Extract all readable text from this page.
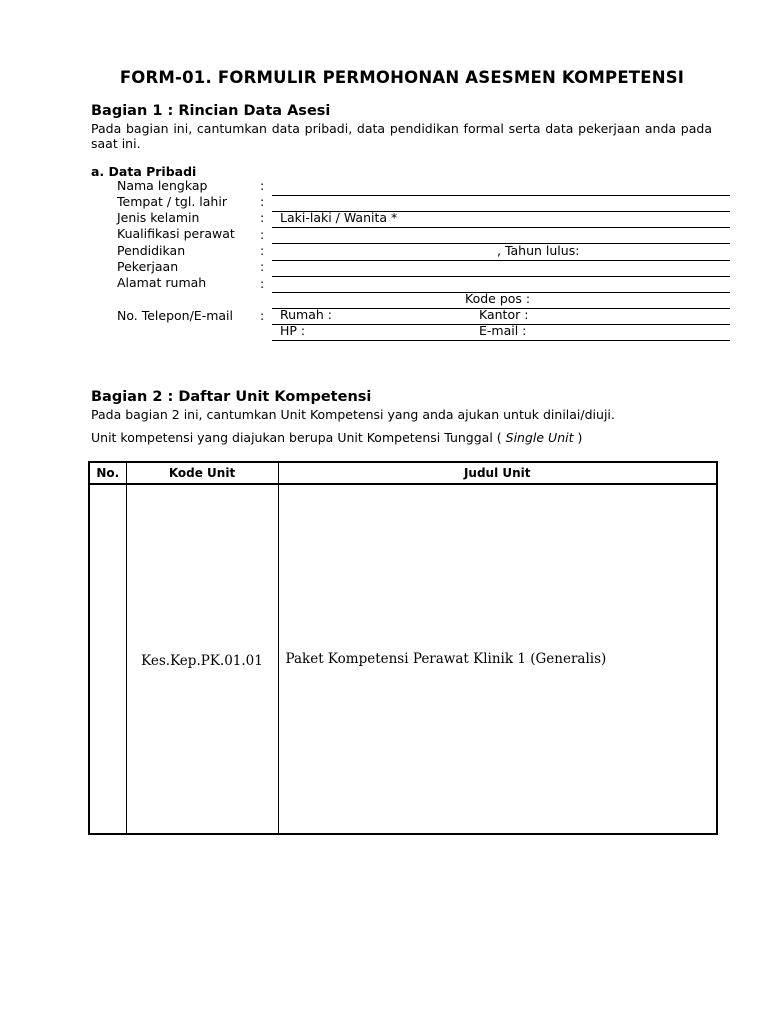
FORM-01. FORMULIR PERMOHONAN ASESMEN KOMPETENSI
Bagian 1 : Rincian Data Asesi
Pada bagian ini, cantumkan data pribadi, data pendidikan formal serta data pekerjaan anda pada saat ini.
a. Data Pribadi
Nama lengkap	:
Tempat / tgl. lahir	:
Jenis kelamin	: Laki-laki / Wanita *
Kualifikasi perawat :
Pendidikan	:	, Tahun lulus:
Pekerjaan	:
Alamat rumah	:
Kode pos :
No. Telepon/E-mail : Rumah :	Kantor :
HP :	E-mail :
Bagian 2 : Daftar Unit Kompetensi
Pada bagian 2 ini, cantumkan Unit Kompetensi yang anda ajukan untuk dinilai/diuji.
Unit kompetensi yang diajukan berupa Unit Kompetensi Tunggal ( Single Unit )
No.	Kode Unit	Judul Unit
	Kes.Kep.PK.01.01	Paket Kompetensi Perawat Klinik 1 (Generalis)
